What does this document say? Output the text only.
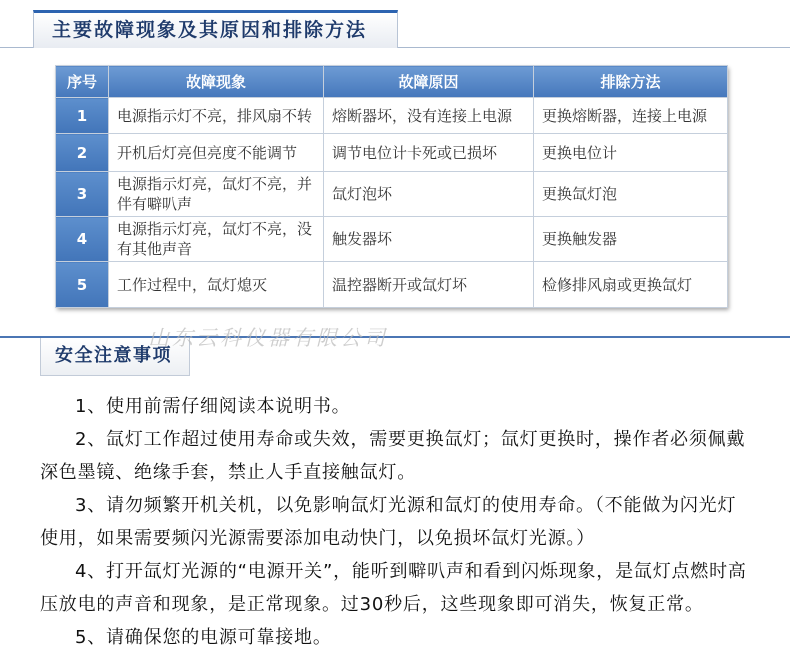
主要故障现象及其原因和排除方法
序号	故障现象	故障原因	排除方法
1	电源指示灯不亮，排风扇不转	熔断器坏，没有连接上电源	更换熔断器，连接上电源
2	开机后灯亮但亮度不能调节	调节电位计卡死或已损坏	更换电位计
3	电源指示灯亮，氙灯不亮，并伴有噼叭声	氙灯泡坏	更换氙灯泡
4	电源指示灯亮，氙灯不亮，没有其他声音	触发器坏	更换触发器
5	工作过程中，氙灯熄灭	温控器断开或氙灯坏	检修排风扇或更换氙灯
安全注意事项
山东云科仪器有限公司

1、使用前需仔细阅读本说明书。

2、氙灯工作超过使用寿命或失效，需要更换氙灯；氙灯更换时，操作者必须佩戴深色墨镜、绝缘手套，禁止人手直接触氙灯。

3、请勿频繁开机关机，以免影响氙灯光源和氙灯的使用寿命。（不能做为闪光灯使用，如果需要频闪光源需要添加电动快门，以免损坏氙灯光源。）

4、打开氙灯光源的“电源开关”，能听到噼叭声和看到闪烁现象，是氙灯点燃时高压放电的声音和现象，是正常现象。过30秒后，这些现象即可消失，恢复正常。

5、请确保您的电源可靠接地。
